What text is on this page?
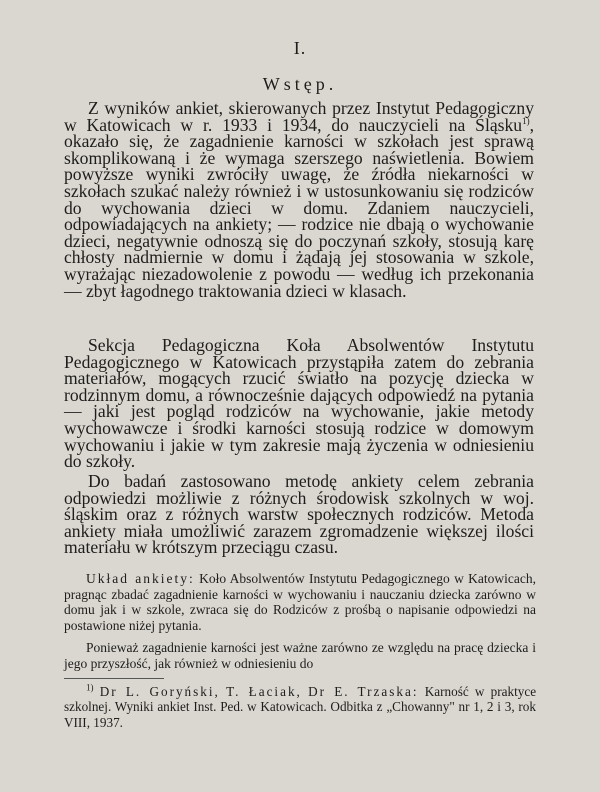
I.
Wstęp.

Z wyników ankiet, skierowanych przez Instytut Pedagogiczny w Katowicach w r. 1933 i 1934, do nauczycieli na Śląsku$^{1)}$, okazało się, że zagadnienie karności w szkołach jest sprawą skomplikowaną i że wymaga szerszego naświetlenia. Bowiem powyższe wyniki zwróciły uwagę, że źródła niekarności w szkołach szukać należy również i w ustosunkowaniu się rodziców do wychowania dzieci w domu. Zdaniem nauczycieli, odpowiadających na ankiety; — rodzice nie dbają o wychowanie dzieci, negatywnie odnoszą się do poczynań szkoły, stosują karę chłosty nadmiernie w domu i żądają jej stosowania w szkole, wyrażając niezadowolenie z powodu — według ich przekonania — zbyt łagodnego traktowania dzieci w klasach.

Sekcja Pedagogiczna Koła Absolwentów Instytutu Pedagogicznego w Katowicach przystąpiła zatem do zebrania materiałów, mogących rzucić światło na pozycję dziecka w rodzinnym domu, a równocześnie dających odpowiedź na pytania — jaki jest pogląd rodziców na wychowanie, jakie metody wychowawcze i środki karności stosują rodzice w domowym wychowaniu i jakie w tym zakresie mają życzenia w odniesieniu do szkoły.

Do badań zastosowano metodę ankiety celem zebrania odpowiedzi możliwie z różnych środowisk szkolnych w woj. śląskim oraz z różnych warstw społecznych rodziców. Metoda ankiety miała umożliwić zarazem zgromadzenie większej ilości materiału w krótszym przeciągu czasu.

Układ ankiety: Koło Absolwentów Instytutu Pedagogicznego w Katowicach, pragnąc zbadać zagadnienie karności w wychowaniu i nauczaniu dziecka zarówno w domu jak i w szkole, zwraca się do Rodziców z prośbą o napisanie odpowiedzi na postawione niżej pytania.

Ponieważ zagadnienie karności jest ważne zarówno ze względu na pracę dziecka i jego przyszłość, jak również w odniesieniu do

$^{1)}$ Dr L. Goryński, T. Łaciak, Dr E. Trzaska: Karność w praktyce szkolnej. Wyniki ankiet Inst. Ped. w Katowicach. Odbitka z „Chowanny" nr 1, 2 i 3, rok VIII, 1937.
